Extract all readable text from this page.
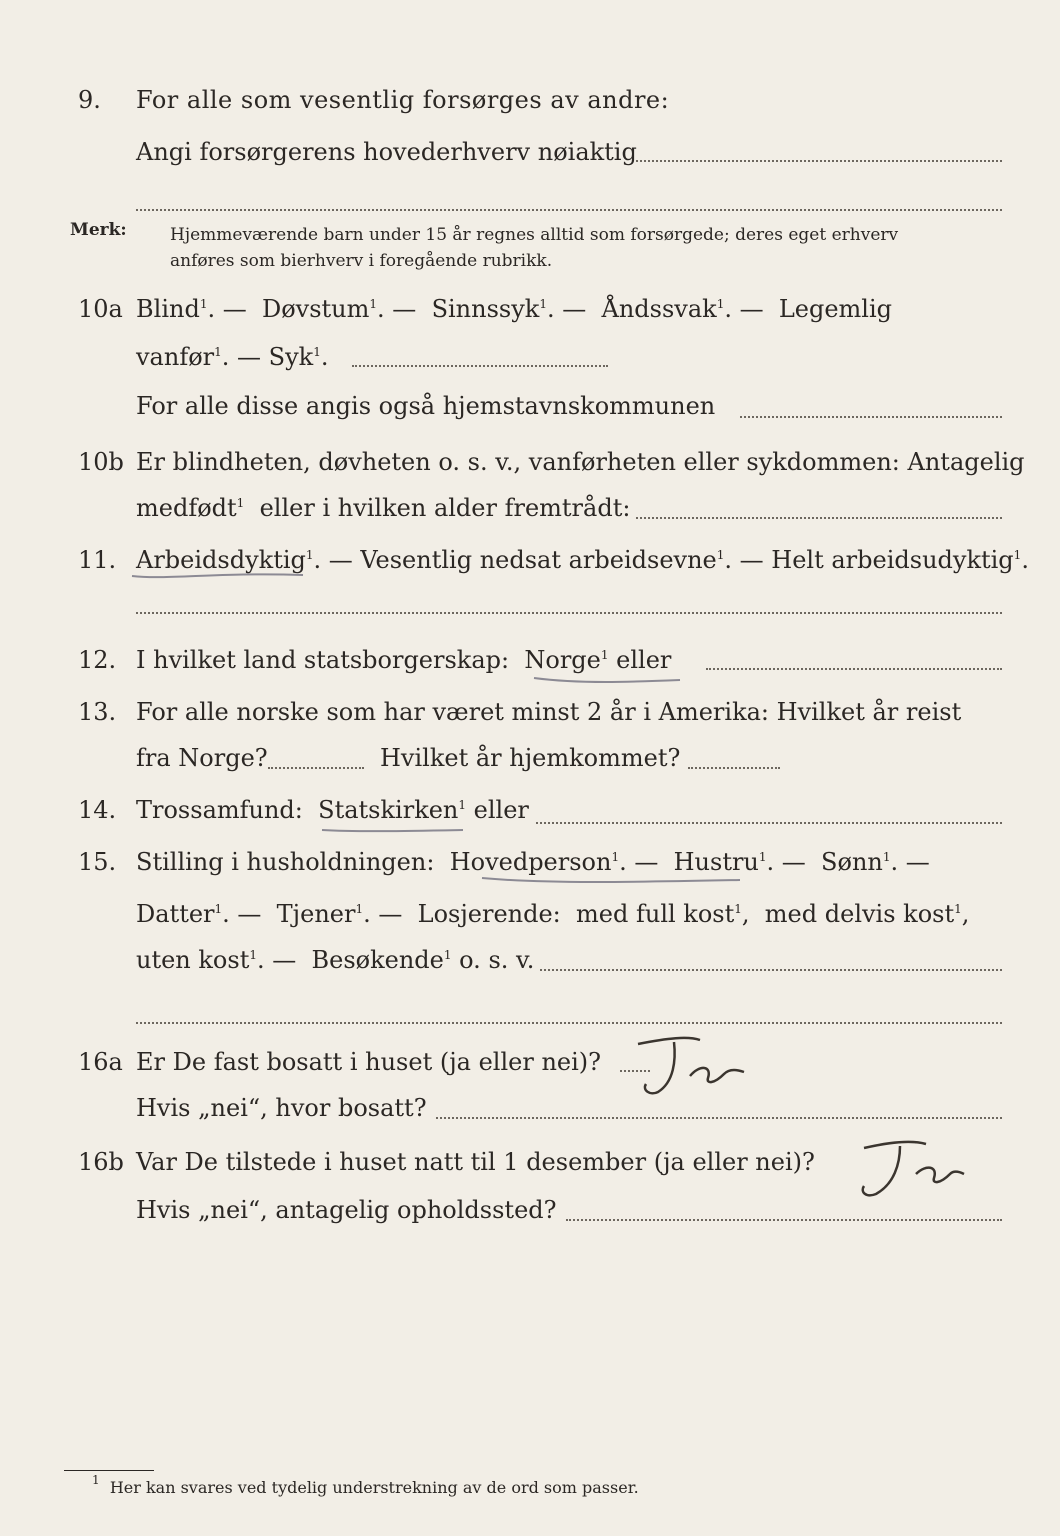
9. For alle som vesentlig forsørges av andre:
Angi forsørgerens hovederhverv nøiaktig
Merk:	Hjemmeværende barn under 15 år regnes alltid som forsørgede; deres eget erhverv
anføres som bierhverv i foregående rubrikk.
10a Blind$^1$. —  Døvstum$^1$. —  Sinnssyk$^1$. —  Åndssvak$^1$. —  Legemlig
vanfør$^1$. — Syk$^1$.
For alle disse angis også hjemstavnskommunen
10b Er blindheten, døvheten o. s. v., vanførheten eller sykdommen: Antagelig
medfødt$^1$ eller i hvilken alder fremtrådt:
11. Arbeidsdyktig$^1$. — Vesentlig nedsat arbeidsevne$^1$. — Helt arbeidsudyktig$^1$.
12. I hvilket land statsborgerskap: Norge$^1$ eller
13. For alle norske som har været minst 2 år i Amerika: Hvilket år reist
fra Norge?	Hvilket år hjemkommet?
14. Trossamfund: Statskirken$^1$ eller
15. Stilling i husholdningen: Hovedperson$^1$. —  Hustru$^1$. —  Sønn$^1$. —
Datter$^1$. —  Tjener$^1$. —  Losjerende: med full kost$^1$,  med delvis kost$^1$,
uten kost$^1$. —  Besøkende$^1$ o. s. v.
16a Er De fast bosatt i huset (ja eller nei)?
Ja
Hvis „nei“, hvor bosatt?
16b Var De tilstede i huset natt til 1 desember (ja eller nei)?
Ja
Hvis „nei“, antagelig opholdssted?
$^1$ Her kan svares ved tydelig understrekning av de ord som passer.
